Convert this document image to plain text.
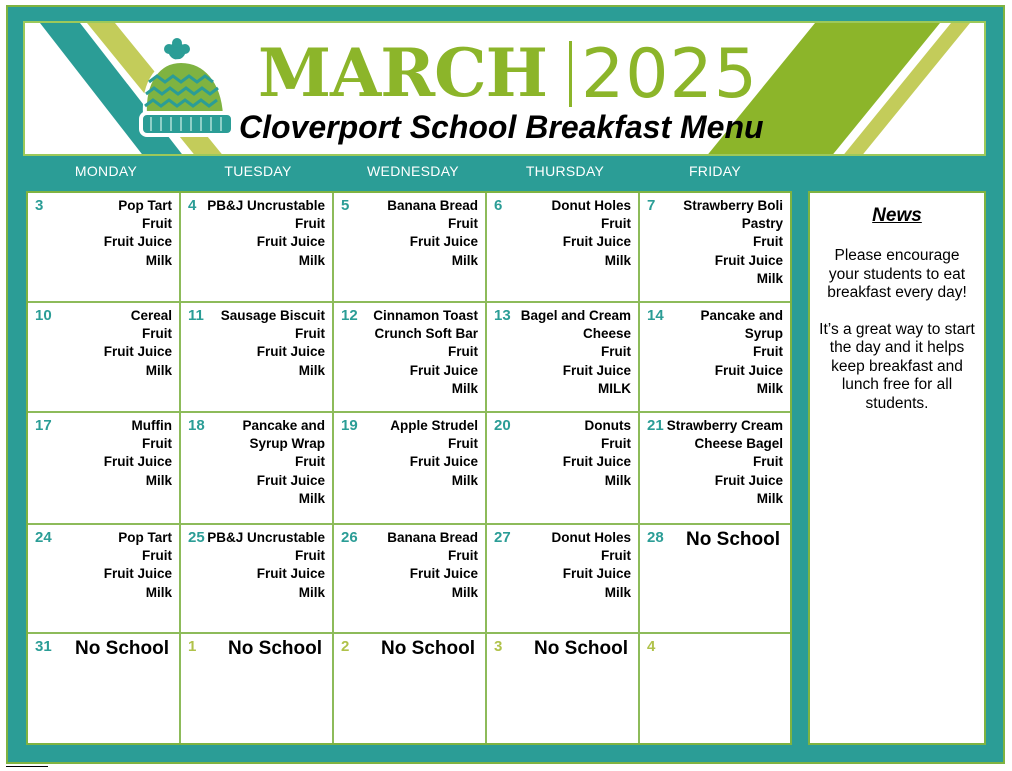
MARCH 2025
Cloverport School Breakfast Menu
MONDAY	TUESDAY	WEDNESDAY	THURSDAY	FRIDAY
3	Pop Tart
Fruit
Fruit Juice
Milk
4 PB&J Uncrustable
Fruit
Fruit Juice
Milk
5	Banana Bread
Fruit
Fruit Juice
Milk
6	Donut Holes
Fruit
Fruit Juice
Milk
7 Strawberry Boli
Pastry
Fruit
Fruit Juice
Milk
10	Cereal
Fruit
Fruit Juice
Milk
11 Sausage Biscuit
Fruit
Fruit Juice
Milk
12 Cinnamon Toast
Crunch Soft Bar
Fruit
Fruit Juice
Milk
13 Bagel and Cream
Cheese
Fruit
Fruit Juice
MILK
14	Pancake and
Syrup
Fruit
Fruit Juice
Milk
17	Muffin
Fruit
Fruit Juice
Milk
18	Pancake and
Syrup Wrap
Fruit
Fruit Juice
Milk
19 Apple Strudel
Fruit
Fruit Juice
Milk
20	Donuts
Fruit
Fruit Juice
Milk
21 Strawberry Cream
Cheese Bagel
Fruit
Fruit Juice
Milk
24	Pop Tart
Fruit
Fruit Juice
Milk
25 PB&J Uncrustable
Fruit
Fruit Juice
Milk
26 Banana Bread
Fruit
Fruit Juice
Milk
27	Donut Holes
Fruit
Fruit Juice
Milk
28 No School
31 No School 1 No School 2 No School 3 No School 4
News

Please encourage your students to eat breakfast every day!

It’s a great way to start the day and it helps keep breakfast and lunch free for all students.
